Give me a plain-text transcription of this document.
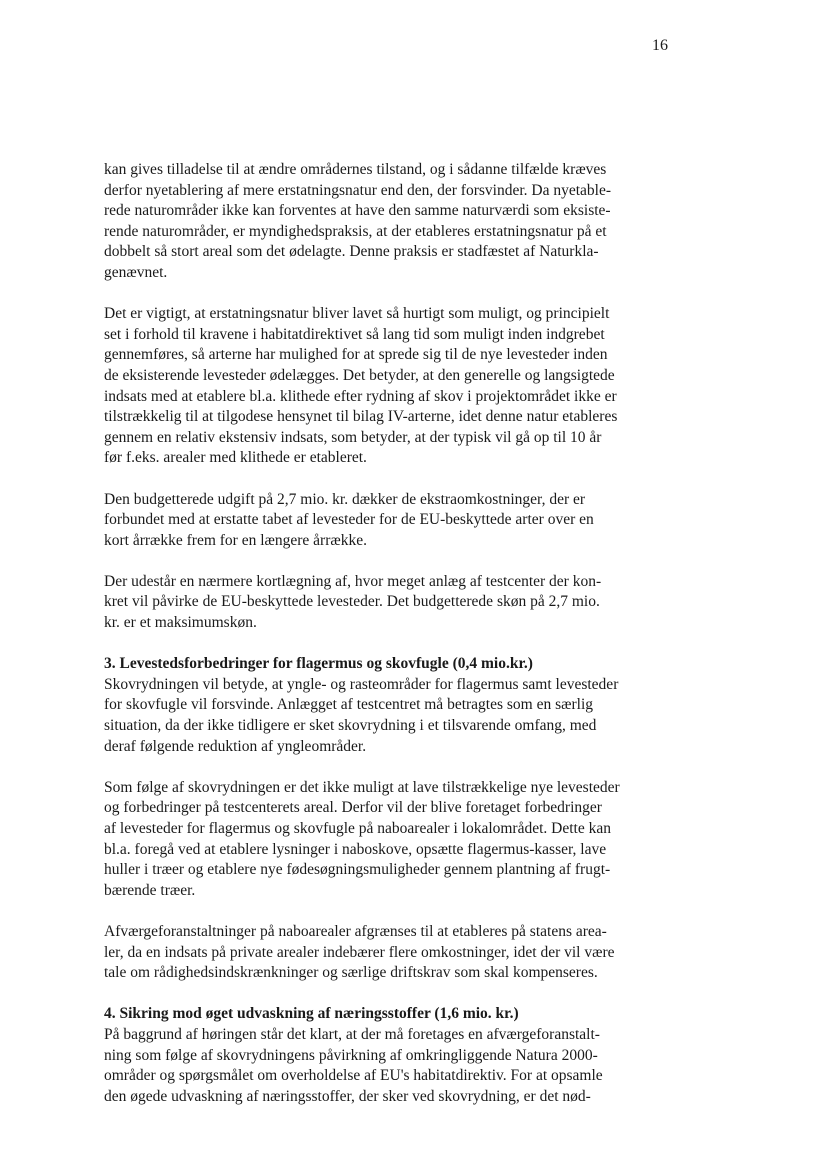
16

kan gives tilladelse til at ændre områdernes tilstand, og i sådanne tilfælde kræves
derfor nyetablering af mere erstatningsnatur end den, der forsvinder. Da nyetable-
rede naturområder ikke kan forventes at have den samme naturværdi som eksiste-
rende naturområder, er myndighedspraksis, at der etableres erstatningsnatur på et
dobbelt så stort areal som det ødelagte. Denne praksis er stadfæstet af Naturkla-
genævnet.

Det er vigtigt, at erstatningsnatur bliver lavet så hurtigt som muligt, og principielt
set i forhold til kravene i habitatdirektivet så lang tid som muligt inden indgrebet
gennemføres, så arterne har mulighed for at sprede sig til de nye levesteder inden
de eksisterende levesteder ødelægges. Det betyder, at den generelle og langsigtede
indsats med at etablere bl.a. klithede efter rydning af skov i projektområdet ikke er
tilstrækkelig til at tilgodese hensynet til bilag IV-arterne, idet denne natur etableres
gennem en relativ ekstensiv indsats, som betyder, at der typisk vil gå op til 10 år
før f.eks. arealer med klithede er etableret.

Den budgetterede udgift på 2,7 mio. kr. dækker de ekstraomkostninger, der er
forbundet med at erstatte tabet af levesteder for de EU-beskyttede arter over en
kort årrække frem for en længere årrække.

Der udestår en nærmere kortlægning af, hvor meget anlæg af testcenter der kon-
kret vil påvirke de EU-beskyttede levesteder. Det budgetterede skøn på 2,7 mio.
kr. er et maksimumskøn.

3. Levestedsforbedringer for flagermus og skovfugle (0,4 mio.kr.)

Skovrydningen vil betyde, at yngle- og rasteområder for flagermus samt levesteder
for skovfugle vil forsvinde. Anlægget af testcentret må betragtes som en særlig
situation, da der ikke tidligere er sket skovrydning i et tilsvarende omfang, med
deraf følgende reduktion af yngleområder.

Som følge af skovrydningen er det ikke muligt at lave tilstrækkelige nye levesteder
og forbedringer på testcenterets areal. Derfor vil der blive foretaget forbedringer
af levesteder for flagermus og skovfugle på naboarealer i lokalområdet. Dette kan
bl.a. foregå ved at etablere lysninger i naboskove, opsætte flagermus-kasser, lave
huller i træer og etablere nye fødesøgningsmuligheder gennem plantning af frugt-
bærende træer.

Afværgeforanstaltninger på naboarealer afgrænses til at etableres på statens area-
ler, da en indsats på private arealer indebærer flere omkostninger, idet der vil være
tale om rådighedsindskrænkninger og særlige driftskrav som skal kompenseres.

4. Sikring mod øget udvaskning af næringsstoffer (1,6 mio. kr.)

På baggrund af høringen står det klart, at der må foretages en afværgeforanstalt-
ning som følge af skovrydningens påvirkning af omkringliggende Natura 2000-
områder og spørgsmålet om overholdelse af EU's habitatdirektiv. For at opsamle
den øgede udvaskning af næringsstoffer, der sker ved skovrydning, er det nød-
